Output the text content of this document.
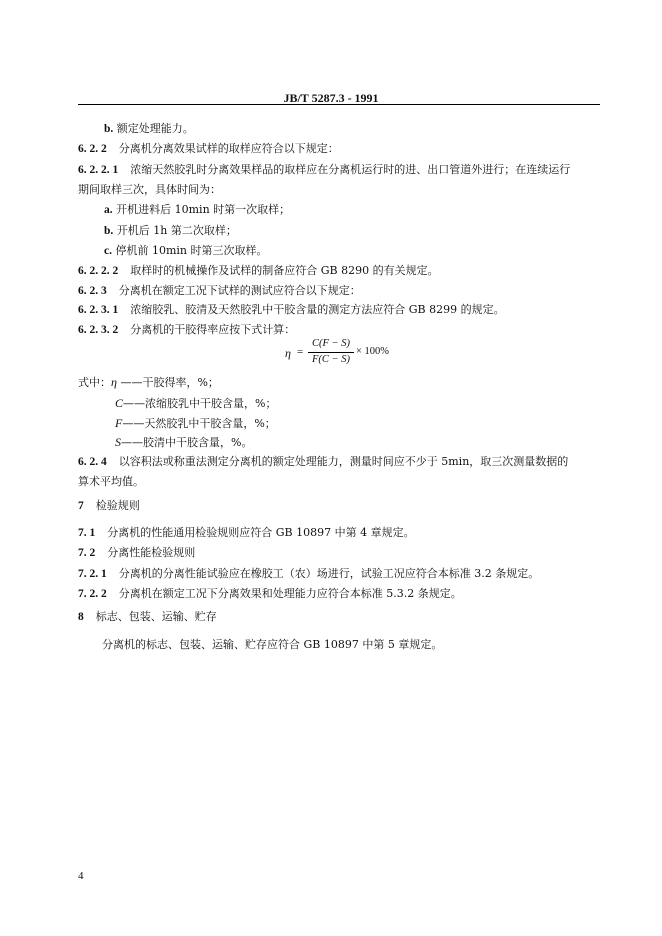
JB/T 5287.3 - 1991
b. 额定处理能力。
6. 2. 2 分离机分离效果试样的取样应符合以下规定：
6. 2. 2. 1 浓缩天然胶乳时分离效果样品的取样应在分离机运行时的进、出口管道外进行；在连续运行
期间取样三次，具体时间为：
a. 开机进料后 10min 时第一次取样；
b. 开机后 1h 第二次取样；
c. 停机前 10min 时第三次取样。
6. 2. 2. 2 取样时的机械操作及试样的制备应符合 GB 8290 的有关规定。
6. 2. 3 分离机在额定工况下试样的测试应符合以下规定：
6. 2. 3. 1 浓缩胶乳、胶清及天然胶乳中干胶含量的测定方法应符合 GB 8299 的规定。
6. 2. 3. 2 分离机的干胶得率应按下式计算：
η =
C(F − S)
F(C − S)
× 100%
式中：η ——干胶得率，%；
C——浓缩胶乳中干胶含量，%；
F——天然胶乳中干胶含量，%；
S——胶清中干胶含量，%。
6. 2. 4 以容积法或称重法测定分离机的额定处理能力，测量时间应不少于 5min，取三次测量数据的
算术平均值。
7 检验规则
7. 1 分离机的性能通用检验规则应符合 GB 10897 中第 4 章规定。
7. 2 分离性能检验规则
7. 2. 1 分离机的分离性能试验应在橡胶工（农）场进行，试验工况应符合本标准 3.2 条规定。
7. 2. 2 分离机在额定工况下分离效果和处理能力应符合本标准 5.3.2 条规定。
8 标志、包装、运输、贮存
分离机的标志、包装、运输、贮存应符合 GB 10897 中第 5 章规定。
4
